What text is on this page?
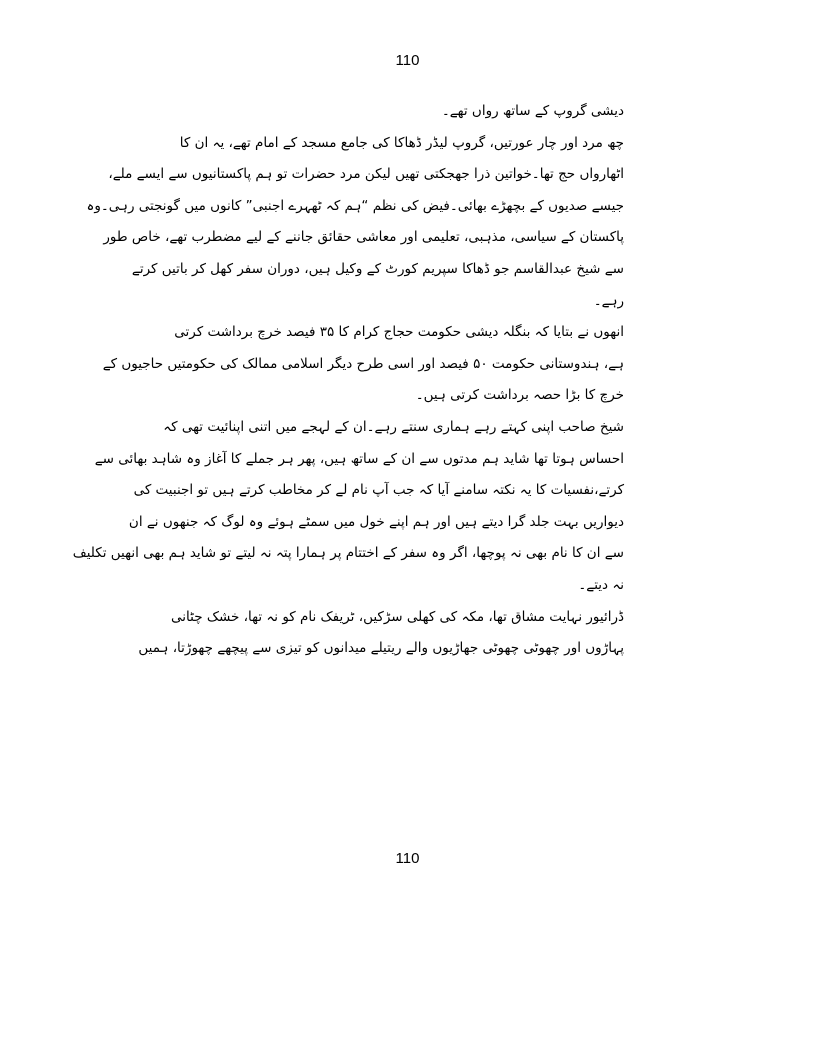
110
دیشی گروپ کے ساتھ رواں تھے۔
چھ مرد اور چار عورتیں، گروپ لیڈر ڈھاکا کی جامع مسجد کے امام تھے، یہ ان کا
اٹھارواں حج تھا۔خواتین ذرا جھجکتی تھیں لیکن مرد حضرات تو ہم پاکستانیوں سے ایسے ملے،
جیسے صدیوں کے بچھڑے بھائی۔فیض کی نظم “ہم کہ ٹھہرے اجنبی” کانوں میں گونجتی رہی۔وہ
پاکستان کے سیاسی، مذہبی، تعلیمی اور معاشی حقائق جاننے کے لیے مضطرب تھے، خاص طور
سے شیخ عبدالقاسم جو ڈھاکا سپریم کورٹ کے وکیل ہیں، دوران سفر کھل کر باتیں کرتے
رہے۔
انھوں نے بتایا کہ بنگلہ دیشی حکومت حجاج کرام کا ۳۵ فیصد خرچ برداشت کرتی
ہے، ہندوستانی حکومت ۵۰ فیصد اور اسی طرح دیگر اسلامی ممالک کی حکومتیں حاجیوں کے
خرچ کا بڑا حصہ برداشت کرتی ہیں۔
شیخ صاحب اپنی کہتے رہے ہماری سنتے رہے۔ان کے لہجے میں اتنی اپنائیت تھی کہ
احساس ہوتا تھا شاید ہم مدتوں سے ان کے ساتھ ہیں، پھر ہر جملے کا آغاز وہ شاہد بھائی سے
کرتے،نفسیات کا یہ نکتہ سامنے آیا کہ جب آپ نام لے کر مخاطب کرتے ہیں تو اجنبیت کی
دیواریں بہت جلد گرا دیتے ہیں اور ہم اپنے خول میں سمٹے ہوئے وہ لوگ کہ جنھوں نے ان
سے ان کا نام بھی نہ پوچھا، اگر وہ سفر کے اختتام پر ہمارا پتہ نہ لیتے تو شاید ہم بھی انھیں تکلیف
نہ دیتے۔
ڈرائیور نہایت مشاق تھا، مکہ کی کھلی سڑکیں، ٹریفک نام کو نہ تھا، خشک چٹانی
پہاڑوں اور چھوٹی چھوٹی جھاڑیوں والے ریتیلے میدانوں کو تیزی سے پیچھے چھوڑتا، ہمیں
110
